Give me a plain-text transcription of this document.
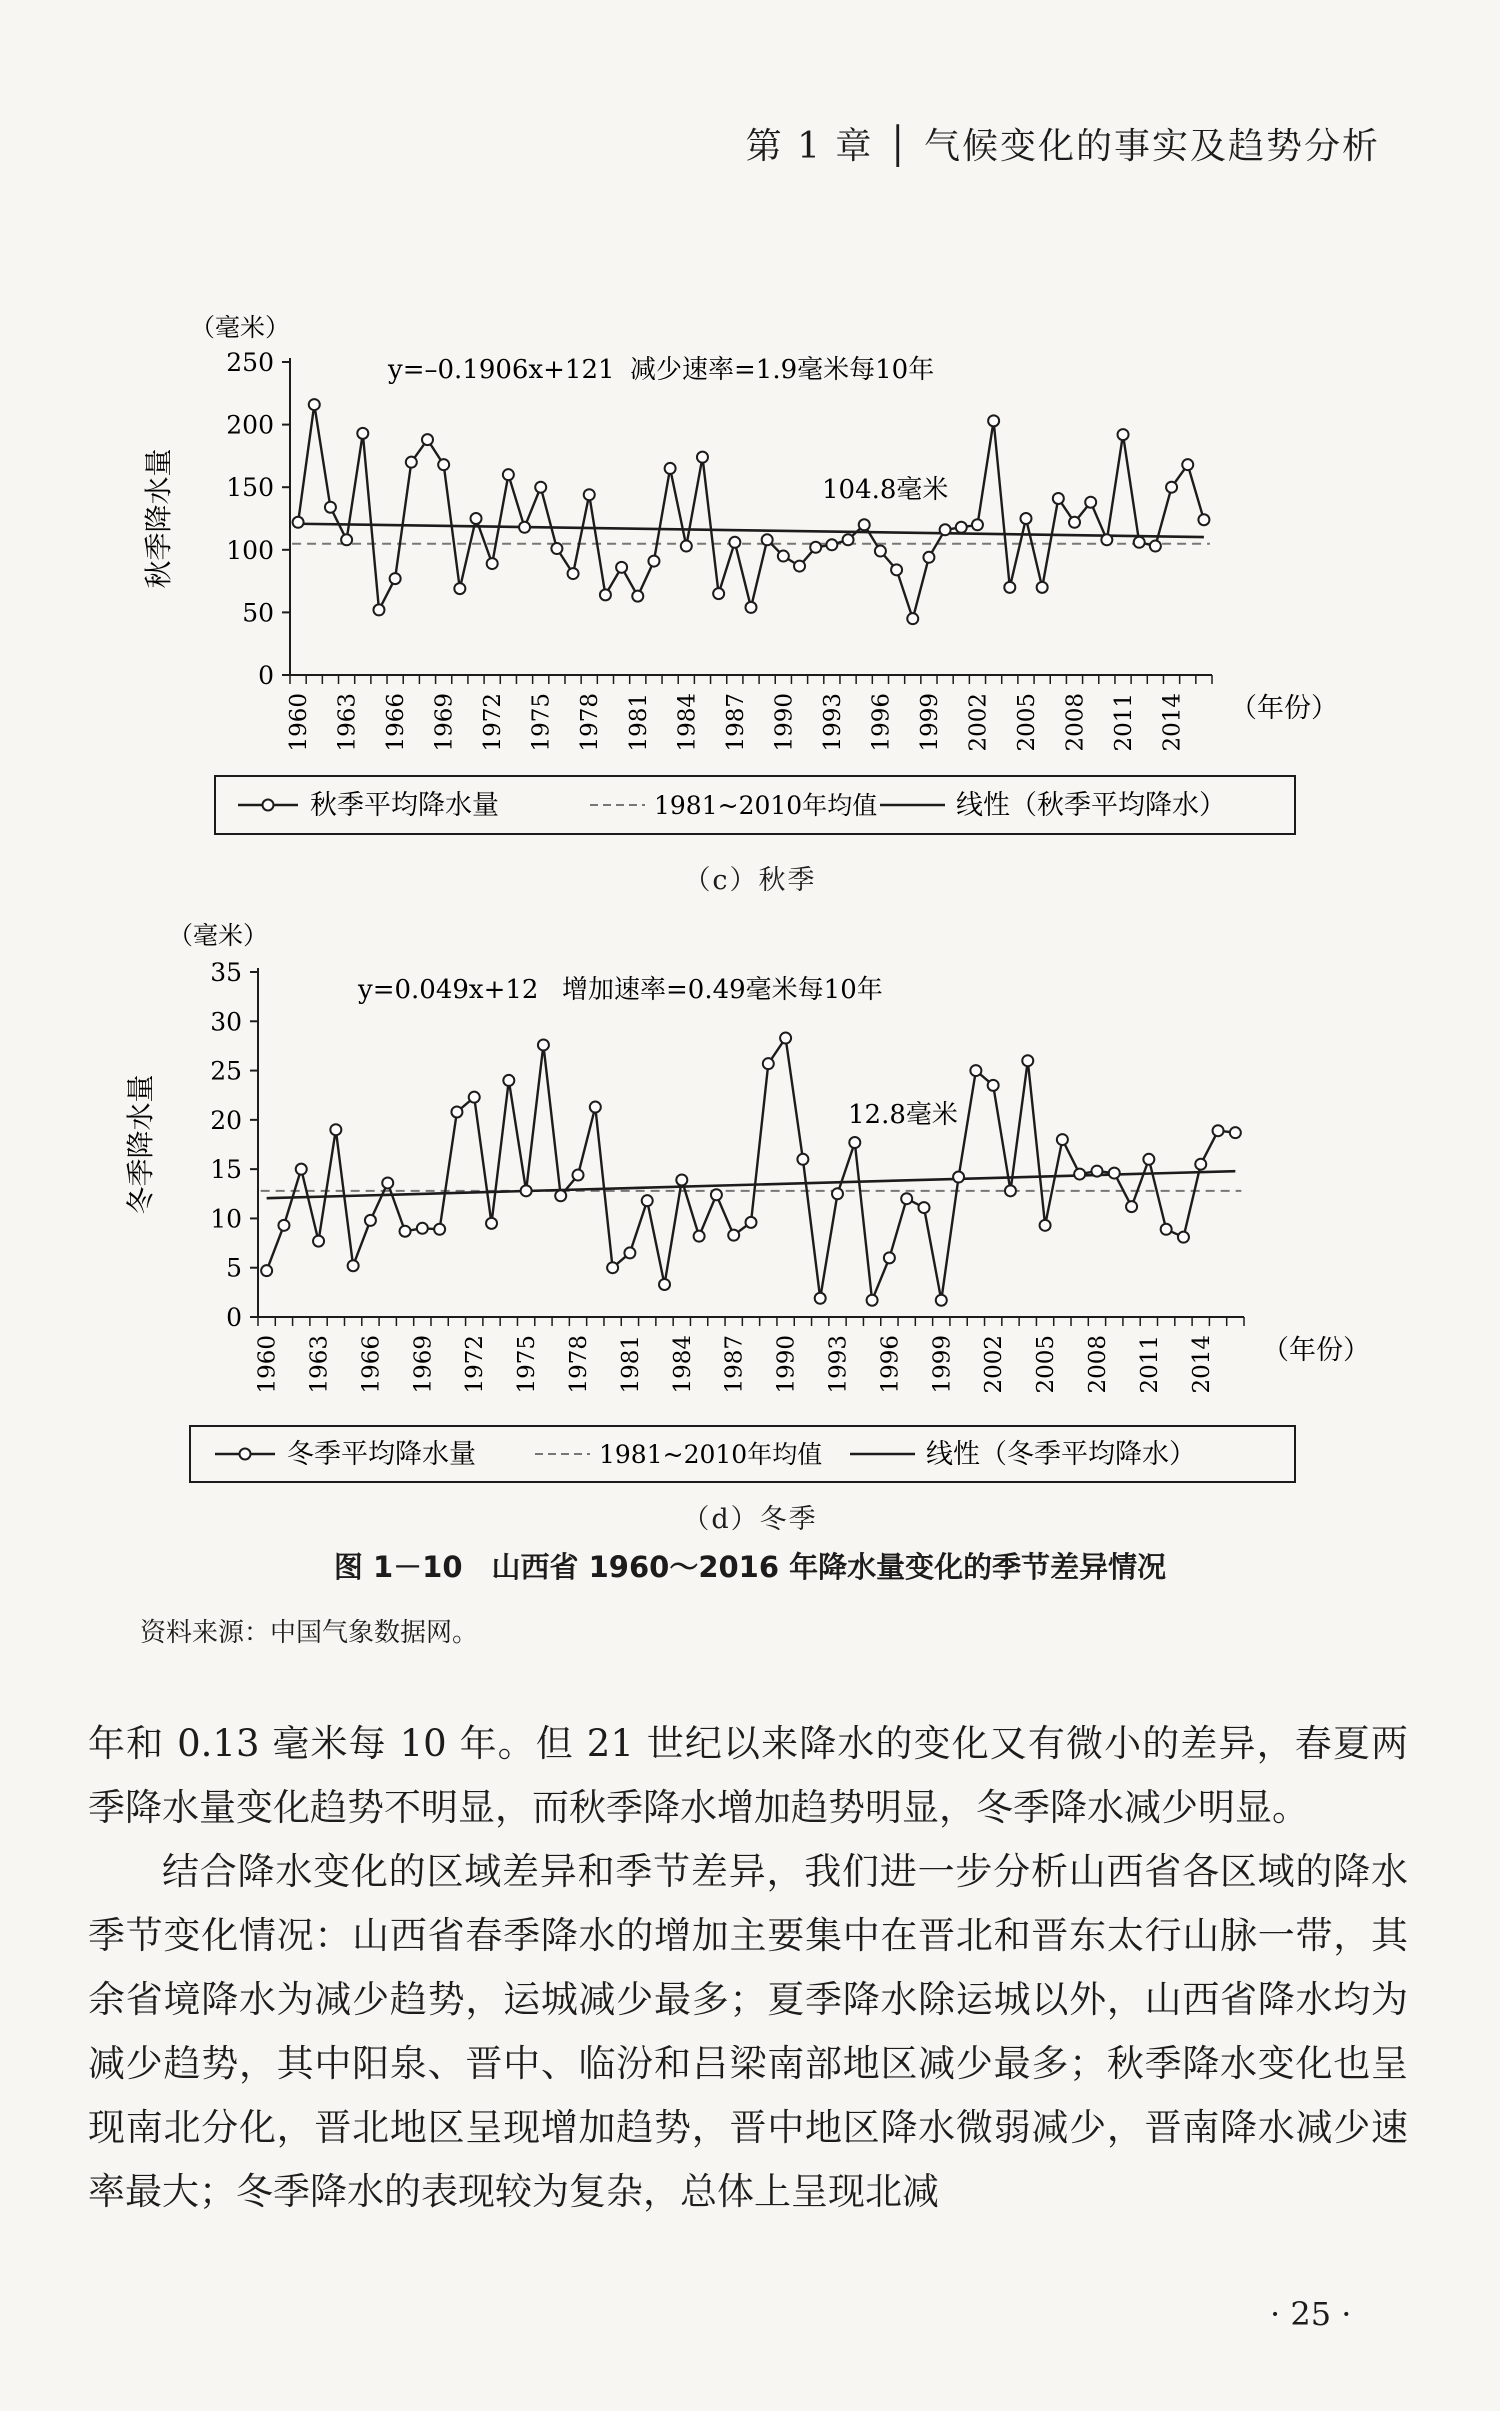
第 1 章 │ 气候变化的事实及趋势分析
（毫米）
秋季降水量
0
50
100
150
200
250
1960 1963 1966 1969 1972 1975 1978 1981 1984 1987 1990 1993 1996 1999 2002 2005 2008 2011 2014 （年份）
y=–0.1906x+121 减少速率=1.9毫米每10年
104.8毫米
秋季平均降水量	1981~2010年均值	线性（秋季平均降水）
（c）秋季
（毫米）
冬季降水量
0
5
10
15
20
25
30
35
1960 1963 1966 1969 1972 1975 1978 1981 1984 1987 1990 1993 1996 1999 2002 2005 2008 2011 2014 （年份）
y=0.049x+12 增加速率=0.49毫米每10年
12.8毫米
冬季平均降水量	1981~2010年均值	线性（冬季平均降水）
（d）冬季
图 1－10　山西省 1960～2016 年降水量变化的季节差异情况
资料来源：中国气象数据网。

年和 0.13 毫米每 10 年。但 21 世纪以来降水的变化又有微小的差异，春夏两季降水量变化趋势不明显，而秋季降水增加趋势明显，冬季降水减少明显。

结合降水变化的区域差异和季节差异，我们进一步分析山西省各区域的降水季节变化情况：山西省春季降水的增加主要集中在晋北和晋东太行山脉一带，其余省境降水为减少趋势，运城减少最多；夏季降水除运城以外，山西省降水均为减少趋势，其中阳泉、晋中、临汾和吕梁南部地区减少最多；秋季降水变化也呈现南北分化，晋北地区呈现增加趋势，晋中地区降水微弱减少，晋南降水减少速率最大；冬季降水的表现较为复杂，总体上呈现北减

· 25 ·
